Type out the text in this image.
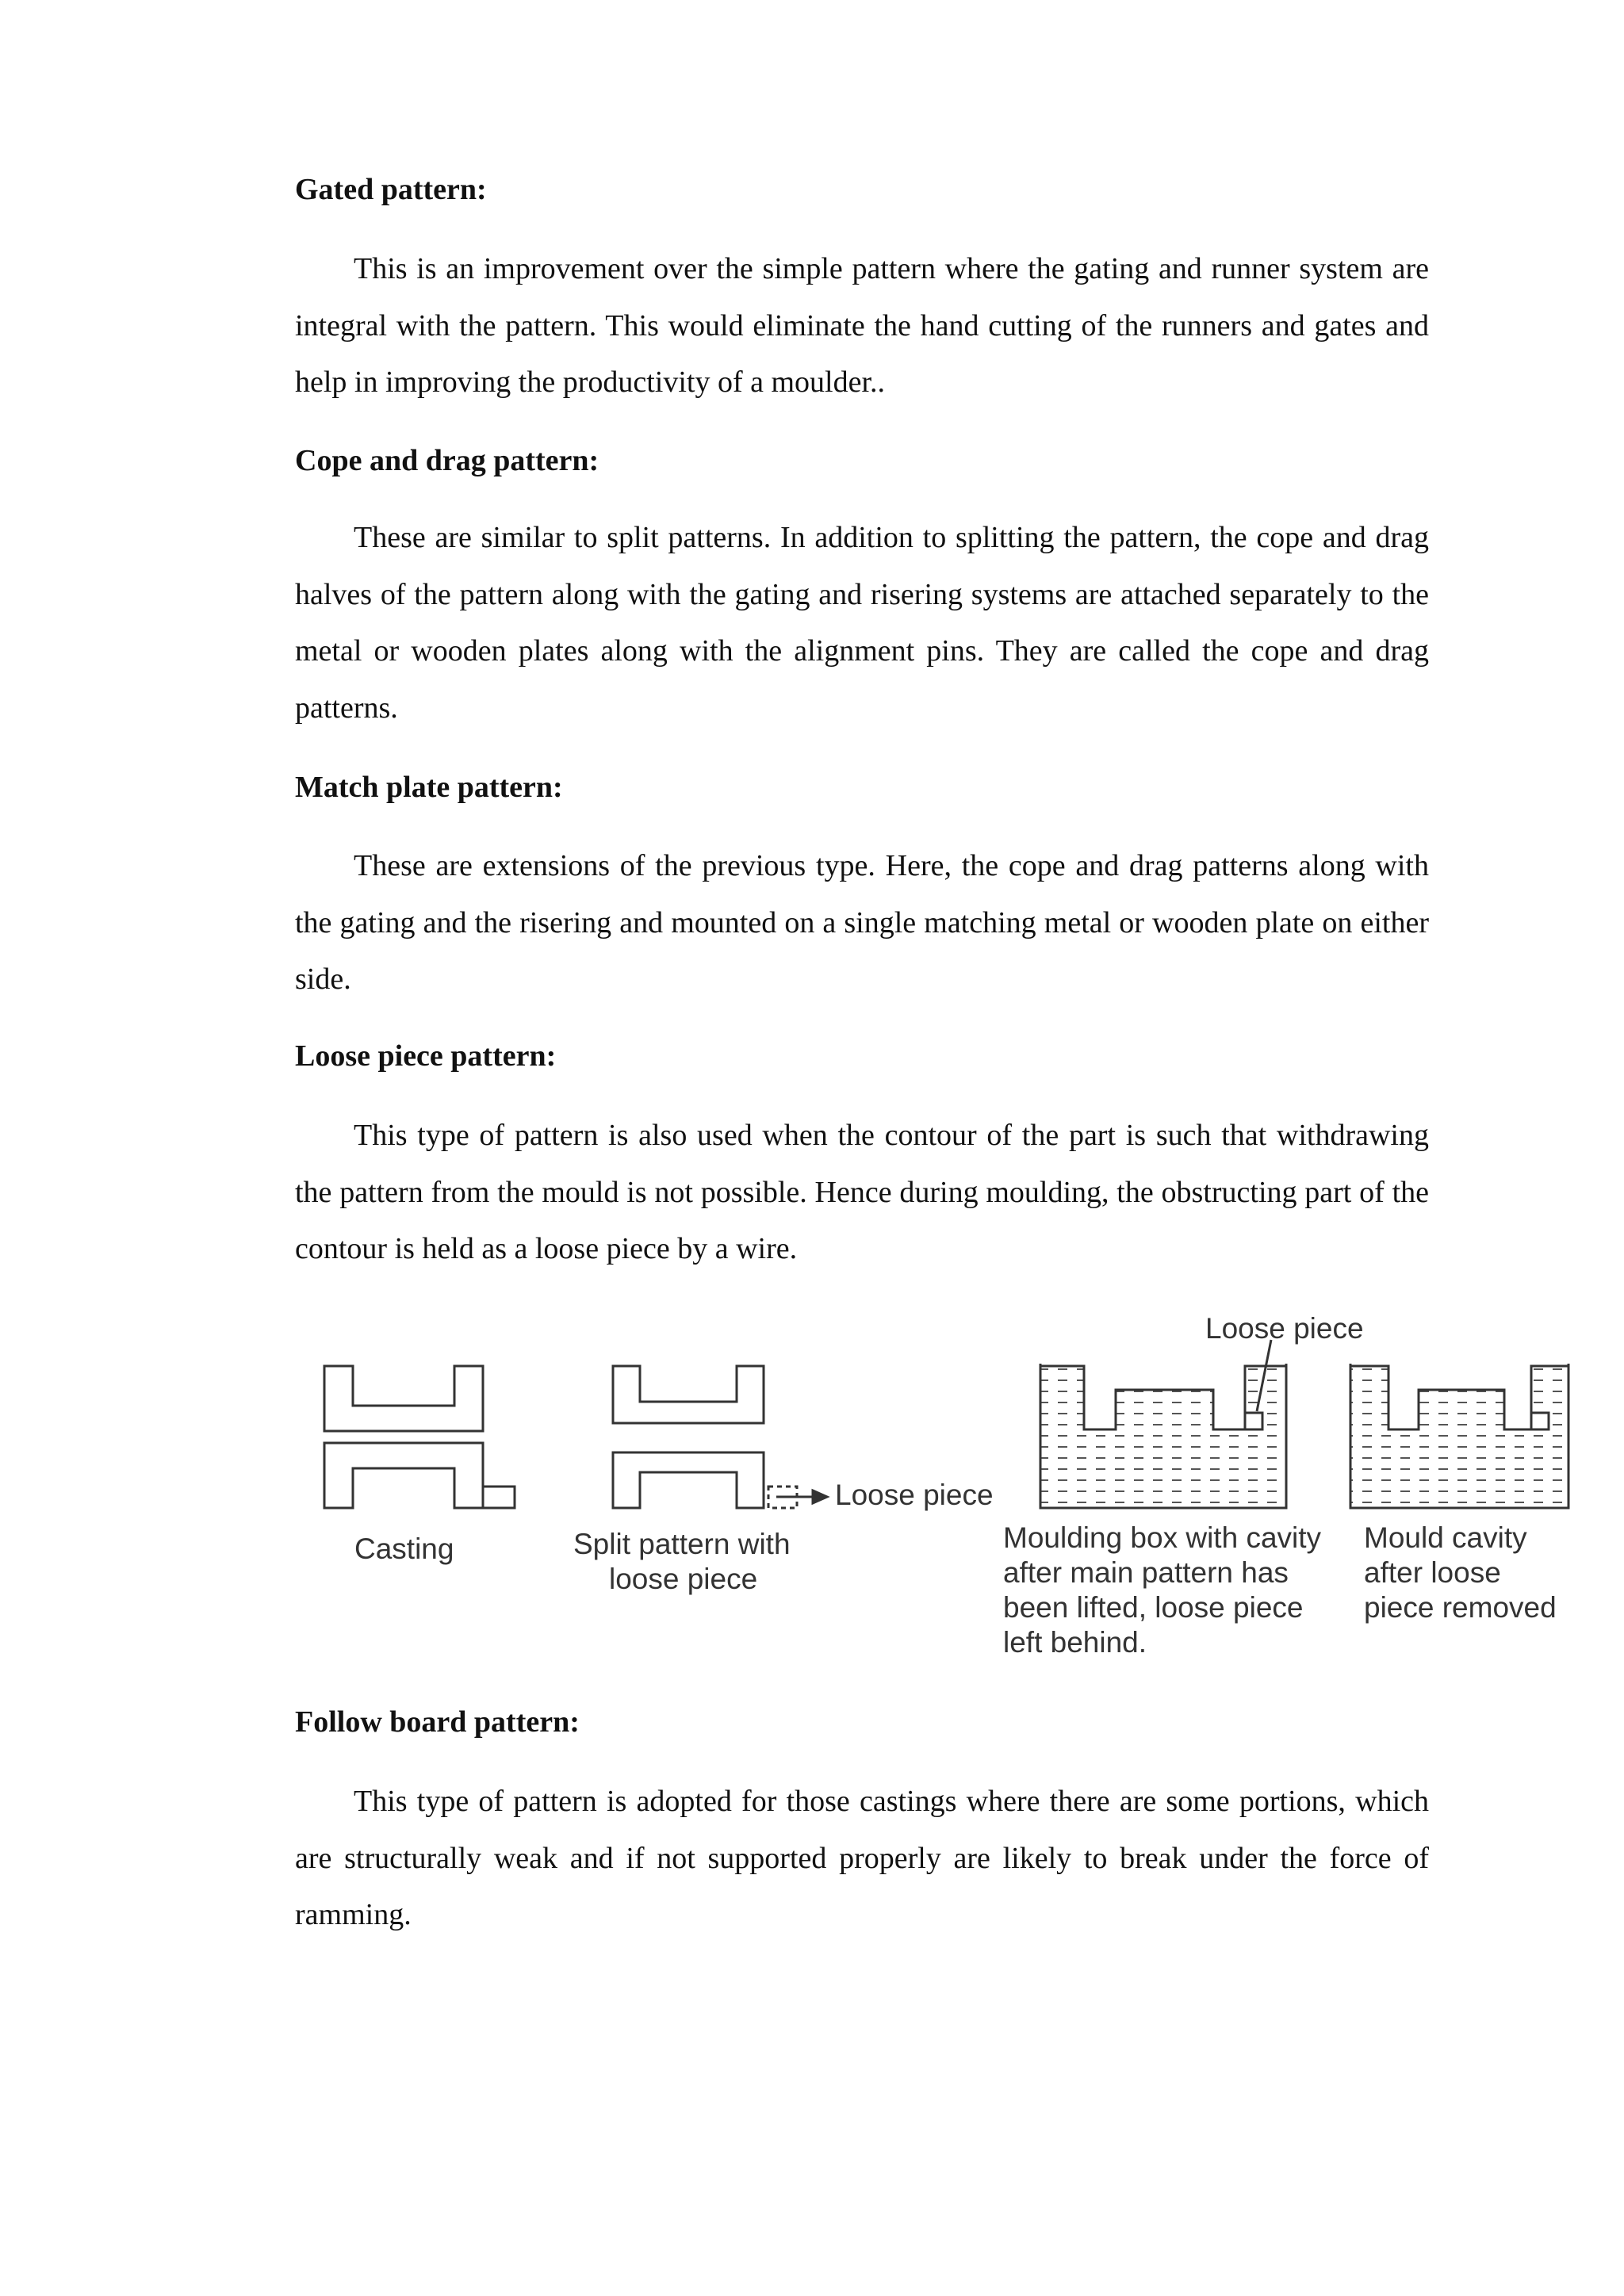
Gated pattern:

This is an improvement over the simple pattern where the gating and runner system are integral with the pattern. This would eliminate the hand cutting of the runners and gates and help in improving the productivity of a moulder..

Cope and drag pattern:

These are similar to split patterns. In addition to splitting the pattern, the cope and drag halves of the pattern along with the gating and risering systems are attached separately to the metal or wooden plates along with the alignment pins. They are called the cope and drag patterns.

Match plate pattern:

These are extensions of the previous type. Here, the cope and drag patterns along with the gating and the risering and mounted on a single matching metal or wooden plate on either side.

Loose piece pattern:

This type of pattern is also used when the contour of the part is such that withdrawing the pattern from the mould is not possible. Hence during moulding, the obstructing part of the contour is held as a loose piece by a wire.

Loose piece

Loose piece

Casting	Split pattern with

loose piece

Moulding box with cavity

after main pattern has

been lifted, loose piece

left behind.

Mould cavity

after loose

piece removed

Follow board pattern:

This type of pattern is adopted for those castings where there are some portions, which are structurally weak and if not supported properly are likely to break under the force of ramming.
